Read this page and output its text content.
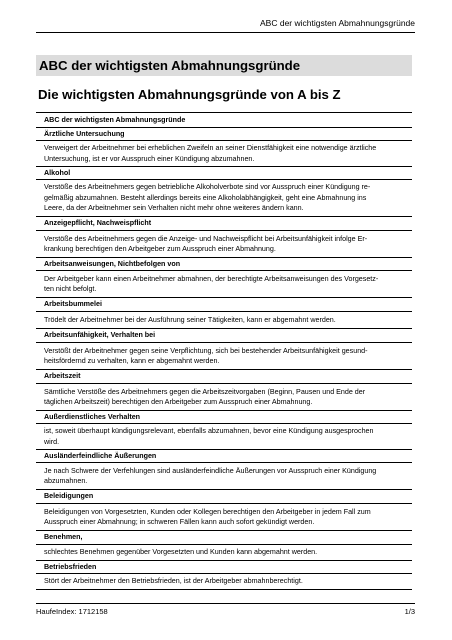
ABC der wichtigsten Abmahnungsgründe
ABC der wichtigsten Abmahnungsgründe
Die wichtigsten Abmahnungsgründe von A bis Z
ABC der wichtigsten Abmahnungsgründe
Ärztliche Untersuchung

Verweigert der Arbeitnehmer bei erheblichen Zweifeln an seiner Dienstfähigkeit eine notwendige ärztliche

Untersuchung, ist er vor Ausspruch einer Kündigung abzumahnen.

Alkohol

Verstöße des Arbeitnehmers gegen betriebliche Alkoholverbote sind vor Ausspruch einer Kündigung re-

gelmäßig abzumahnen. Besteht allerdings bereits eine Alkoholabhängigkeit, geht eine Abmahnung ins

Leere, da der Arbeitnehmer sein Verhalten nicht mehr ohne weiteres ändern kann.

Anzeigepflicht, Nachweispflicht

Verstöße des Arbeitnehmers gegen die Anzeige- und Nachweispflicht bei Arbeitsunfähigkeit infolge Er-

krankung berechtigen den Arbeitgeber zum Ausspruch einer Abmahnung.

Arbeitsanweisungen, Nichtbefolgen von

Der Arbeitgeber kann einen Arbeitnehmer abmahnen, der berechtigte Arbeitsanweisungen des Vorgesetz-

ten nicht befolgt.

Arbeitsbummelei

Trödelt der Arbeitnehmer bei der Ausführung seiner Tätigkeiten, kann er abgemahnt werden.

Arbeitsunfähigkeit, Verhalten bei

Verstößt der Arbeitnehmer gegen seine Verpflichtung, sich bei bestehender Arbeitsunfähigkeit gesund-

heitsfördernd zu verhalten, kann er abgemahnt werden.

Arbeitszeit

Sämtliche Verstöße des Arbeitnehmers gegen die Arbeitszeitvorgaben (Beginn, Pausen und Ende der

täglichen Arbeitszeit) berechtigen den Arbeitgeber zum Ausspruch einer Abmahnung.

Außerdienstliches Verhalten

ist, soweit überhaupt kündigungsrelevant, ebenfalls abzumahnen, bevor eine Kündigung ausgesprochen

wird.

Ausländerfeindliche Äußerungen

Je nach Schwere der Verfehlungen sind ausländerfeindliche Äußerungen vor Ausspruch einer Kündigung

abzumahnen.

Beleidigungen

Beleidigungen von Vorgesetzten, Kunden oder Kollegen berechtigen den Arbeitgeber in jedem Fall zum

Ausspruch einer Abmahnung; in schweren Fällen kann auch sofort gekündigt werden.

Benehmen,

schlechtes Benehmen gegenüber Vorgesetzten und Kunden kann abgemahnt werden.

Betriebsfrieden

Stört der Arbeitnehmer den Betriebsfrieden, ist der Arbeitgeber abmahnberechtigt.

HaufeIndex: 1712158	1/3
